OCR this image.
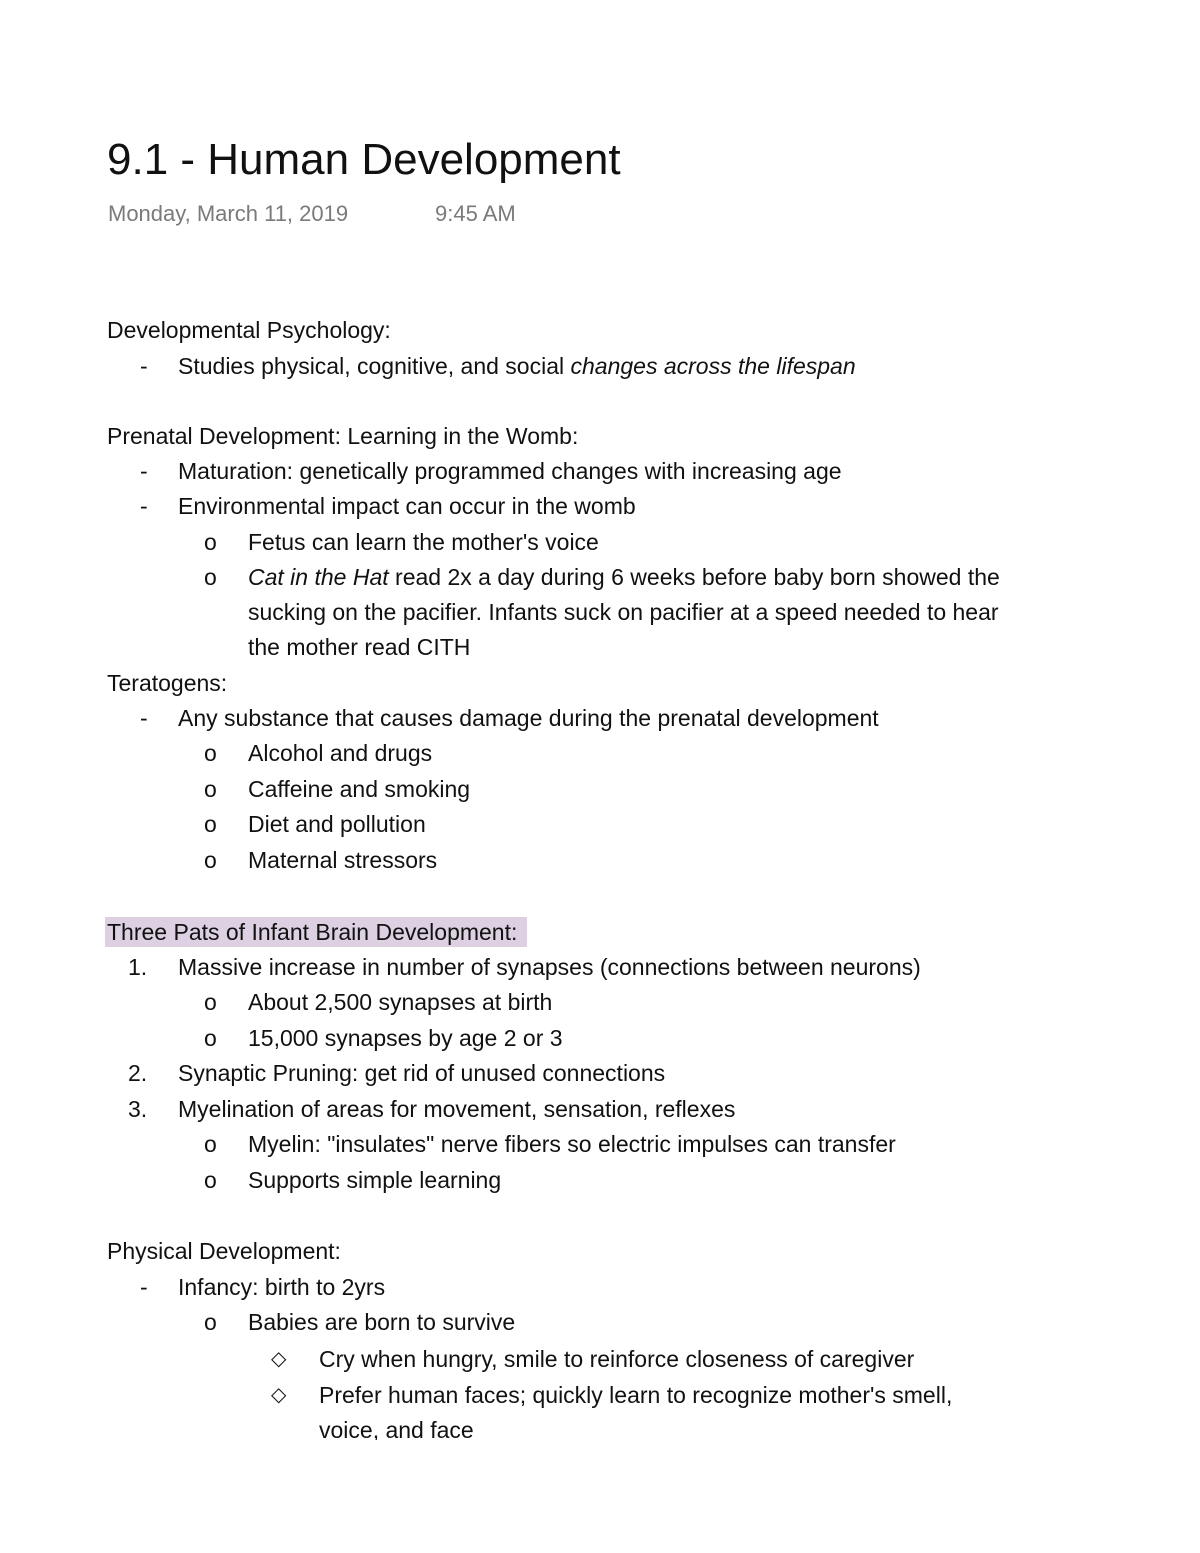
9.1 - Human Development
Monday, March 11, 2019	9:45 AM
Developmental Psychology:
- Studies physical, cognitive, and social changes across the lifespan
Prenatal Development: Learning in the Womb:
- Maturation: genetically programmed changes with increasing age
- Environmental impact can occur in the womb
o Fetus can learn the mother's voice
o Cat in the Hat read 2x a day during 6 weeks before baby born showed the
sucking on the pacifier. Infants suck on pacifier at a speed needed to hear
the mother read CITH
Teratogens:
- Any substance that causes damage during the prenatal development
o Alcohol and drugs
o Caffeine and smoking
o Diet and pollution
o Maternal stressors
Three Pats of Infant Brain Development:
1. Massive increase in number of synapses (connections between neurons)
o About 2,500 synapses at birth
o 15,000 synapses by age 2 or 3
2. Synaptic Pruning: get rid of unused connections
3. Myelination of areas for movement, sensation, reflexes
o Myelin: "insulates" nerve fibers so electric impulses can transfer
o Supports simple learning
Physical Development:
- Infancy: birth to 2yrs
o Babies are born to survive
◇ Cry when hungry, smile to reinforce closeness of caregiver
◇ Prefer human faces; quickly learn to recognize mother's smell,
voice, and face
